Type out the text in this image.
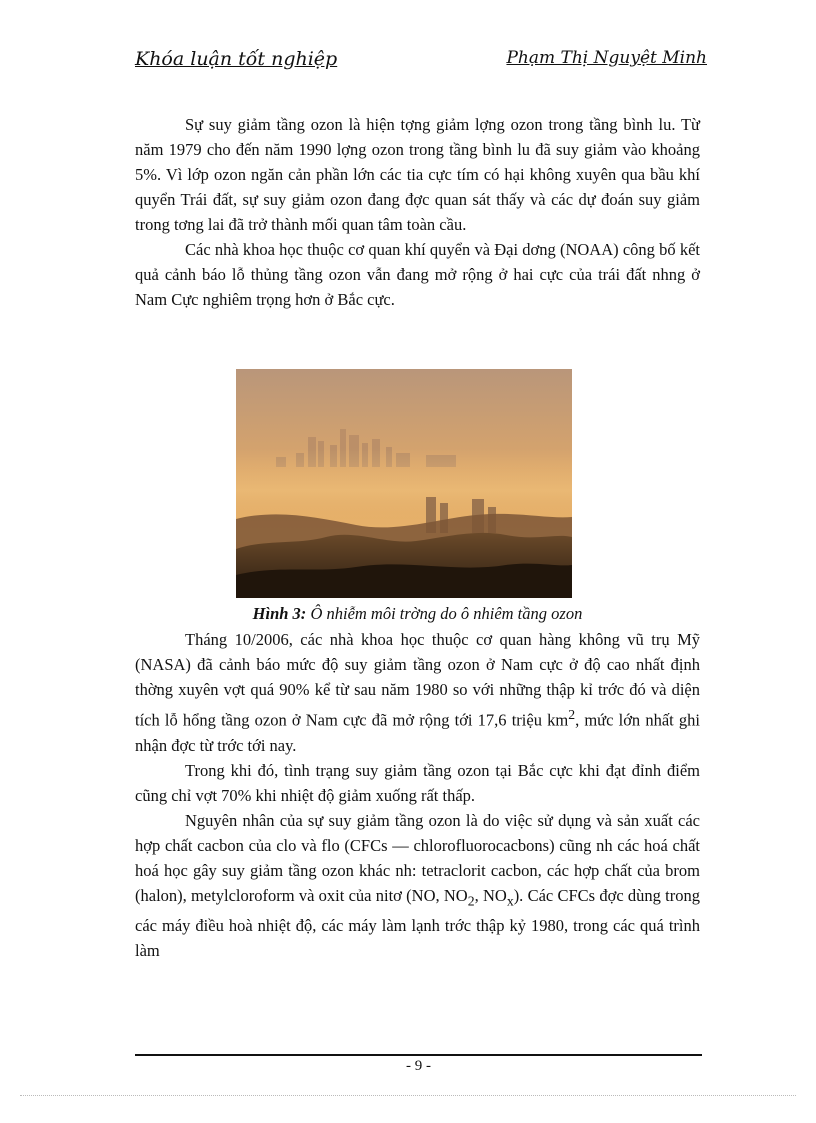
Khóa luận tốt nghiệp	Phạm Thị Nguyệt Minh

Sự suy giảm tầng ozon là hiện tợng giảm lợng ozon trong tầng bình lu. Từ năm 1979 cho đến năm 1990 lợng ozon trong tầng bình lu đã suy giảm vào khoảng 5%. Vì lớp ozon ngăn cản phần lớn các tia cực tím có hại không xuyên qua bầu khí quyển Trái đất, sự suy giảm ozon đang đợc quan sát thấy và các dự đoán suy giảm trong tơng lai đã trở thành mối quan tâm toàn cầu.

Các nhà khoa học thuộc cơ quan khí quyển và Đại dơng (NOAA) công bố kết quả cảnh báo lỗ thủng tầng ozon vẫn đang mở rộng ở hai cực của trái đất nhng ở Nam Cực nghiêm trọng hơn ở Bắc cực.

Hình 3: Ô nhiễm môi trờng do ô nhiêm tầng ozon

Tháng 10/2006, các nhà khoa học thuộc cơ quan hàng không vũ trụ Mỹ (NASA) đã cảnh báo mức độ suy giảm tầng ozon ở Nam cực ở độ cao nhất định thờng xuyên vợt quá 90% kể từ sau năm 1980 so với những thập kỉ trớc đó và diện tích lỗ hổng tầng ozon ở Nam cực đã mở rộng tới 17,6 triệu $km^2$, mức lớn nhất ghi nhận đợc từ trớc tới nay.

Trong khi đó, tình trạng suy giảm tầng ozon tại Bắc cực khi đạt đỉnh điểm cũng chỉ vợt 70% khi nhiệt độ giảm xuống rất thấp.

Nguyên nhân của sự suy giảm tầng ozon là do việc sử dụng và sản xuất các hợp chất cacbon của clo và flo (CFCs — chlorofluorocacbons) cũng nh các hoá chất hoá học gây suy giảm tầng ozon khác nh: tetraclorit cacbon, các hợp chất của brom (halon), metylcloroform và oxit của nitơ (NO, $NO_2$, $NO_x$). Các CFCs đợc dùng trong các máy điều hoà nhiệt độ, các máy làm lạnh trớc thập kỷ 1980, trong các quá trình làm

- 9 -
